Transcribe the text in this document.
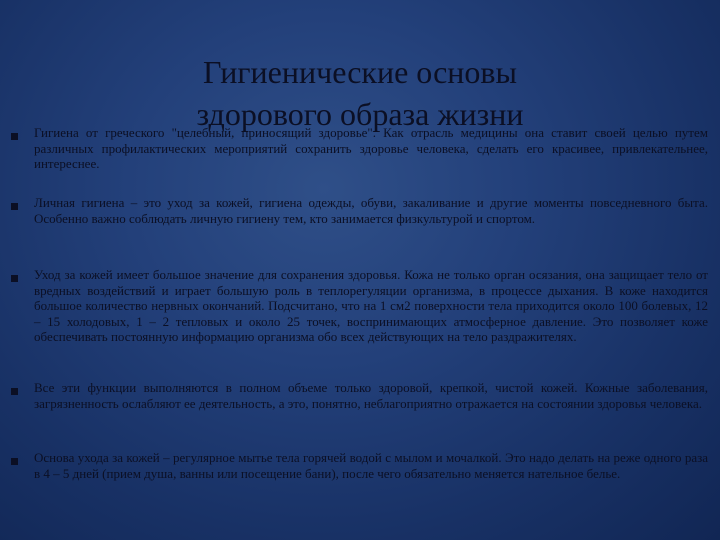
Гигиенические основы
здорового образа жизни
Гигиена от греческого "целебный, приносящий здоровье". Как отрасль медицины она ставит своей целью путем различных профилактических мероприятий сохранить здоровье человека, сделать его красивее, привлекательнее, интереснее.
Личная гигиена – это уход за кожей, гигиена одежды, обуви, закаливание и другие моменты повседневного быта. Особенно важно соблюдать личную гигиену тем, кто занимается физкультурой и спортом.
Уход за кожей имеет большое значение для сохранения здоровья. Кожа не только орган осязания, она защищает тело от вредных воздействий и играет большую роль в теплорегуляции организма, в процессе дыхания. В коже находится большое количество нервных окончаний. Подсчитано, что на 1 см2 поверхности тела приходится около 100 болевых, 12 – 15 холодовых, 1 – 2 тепловых и около 25 точек, воспринимающих атмосферное давление. Это позволяет коже обеспечивать постоянную информацию организма обо всех действующих на тело раздражителях.
Все эти функции выполняются в полном объеме только здоровой, крепкой, чистой кожей. Кожные заболевания, загрязненность ослабляют ее деятельность, а это, понятно, неблагоприятно отражается на состоянии здоровья человека.
Основа ухода за кожей – регулярное мытье тела горячей водой с мылом и мочалкой. Это надо делать на реже одного раза в 4 – 5 дней (прием душа, ванны или посещение бани), после чего обязательно меняется нательное белье.
